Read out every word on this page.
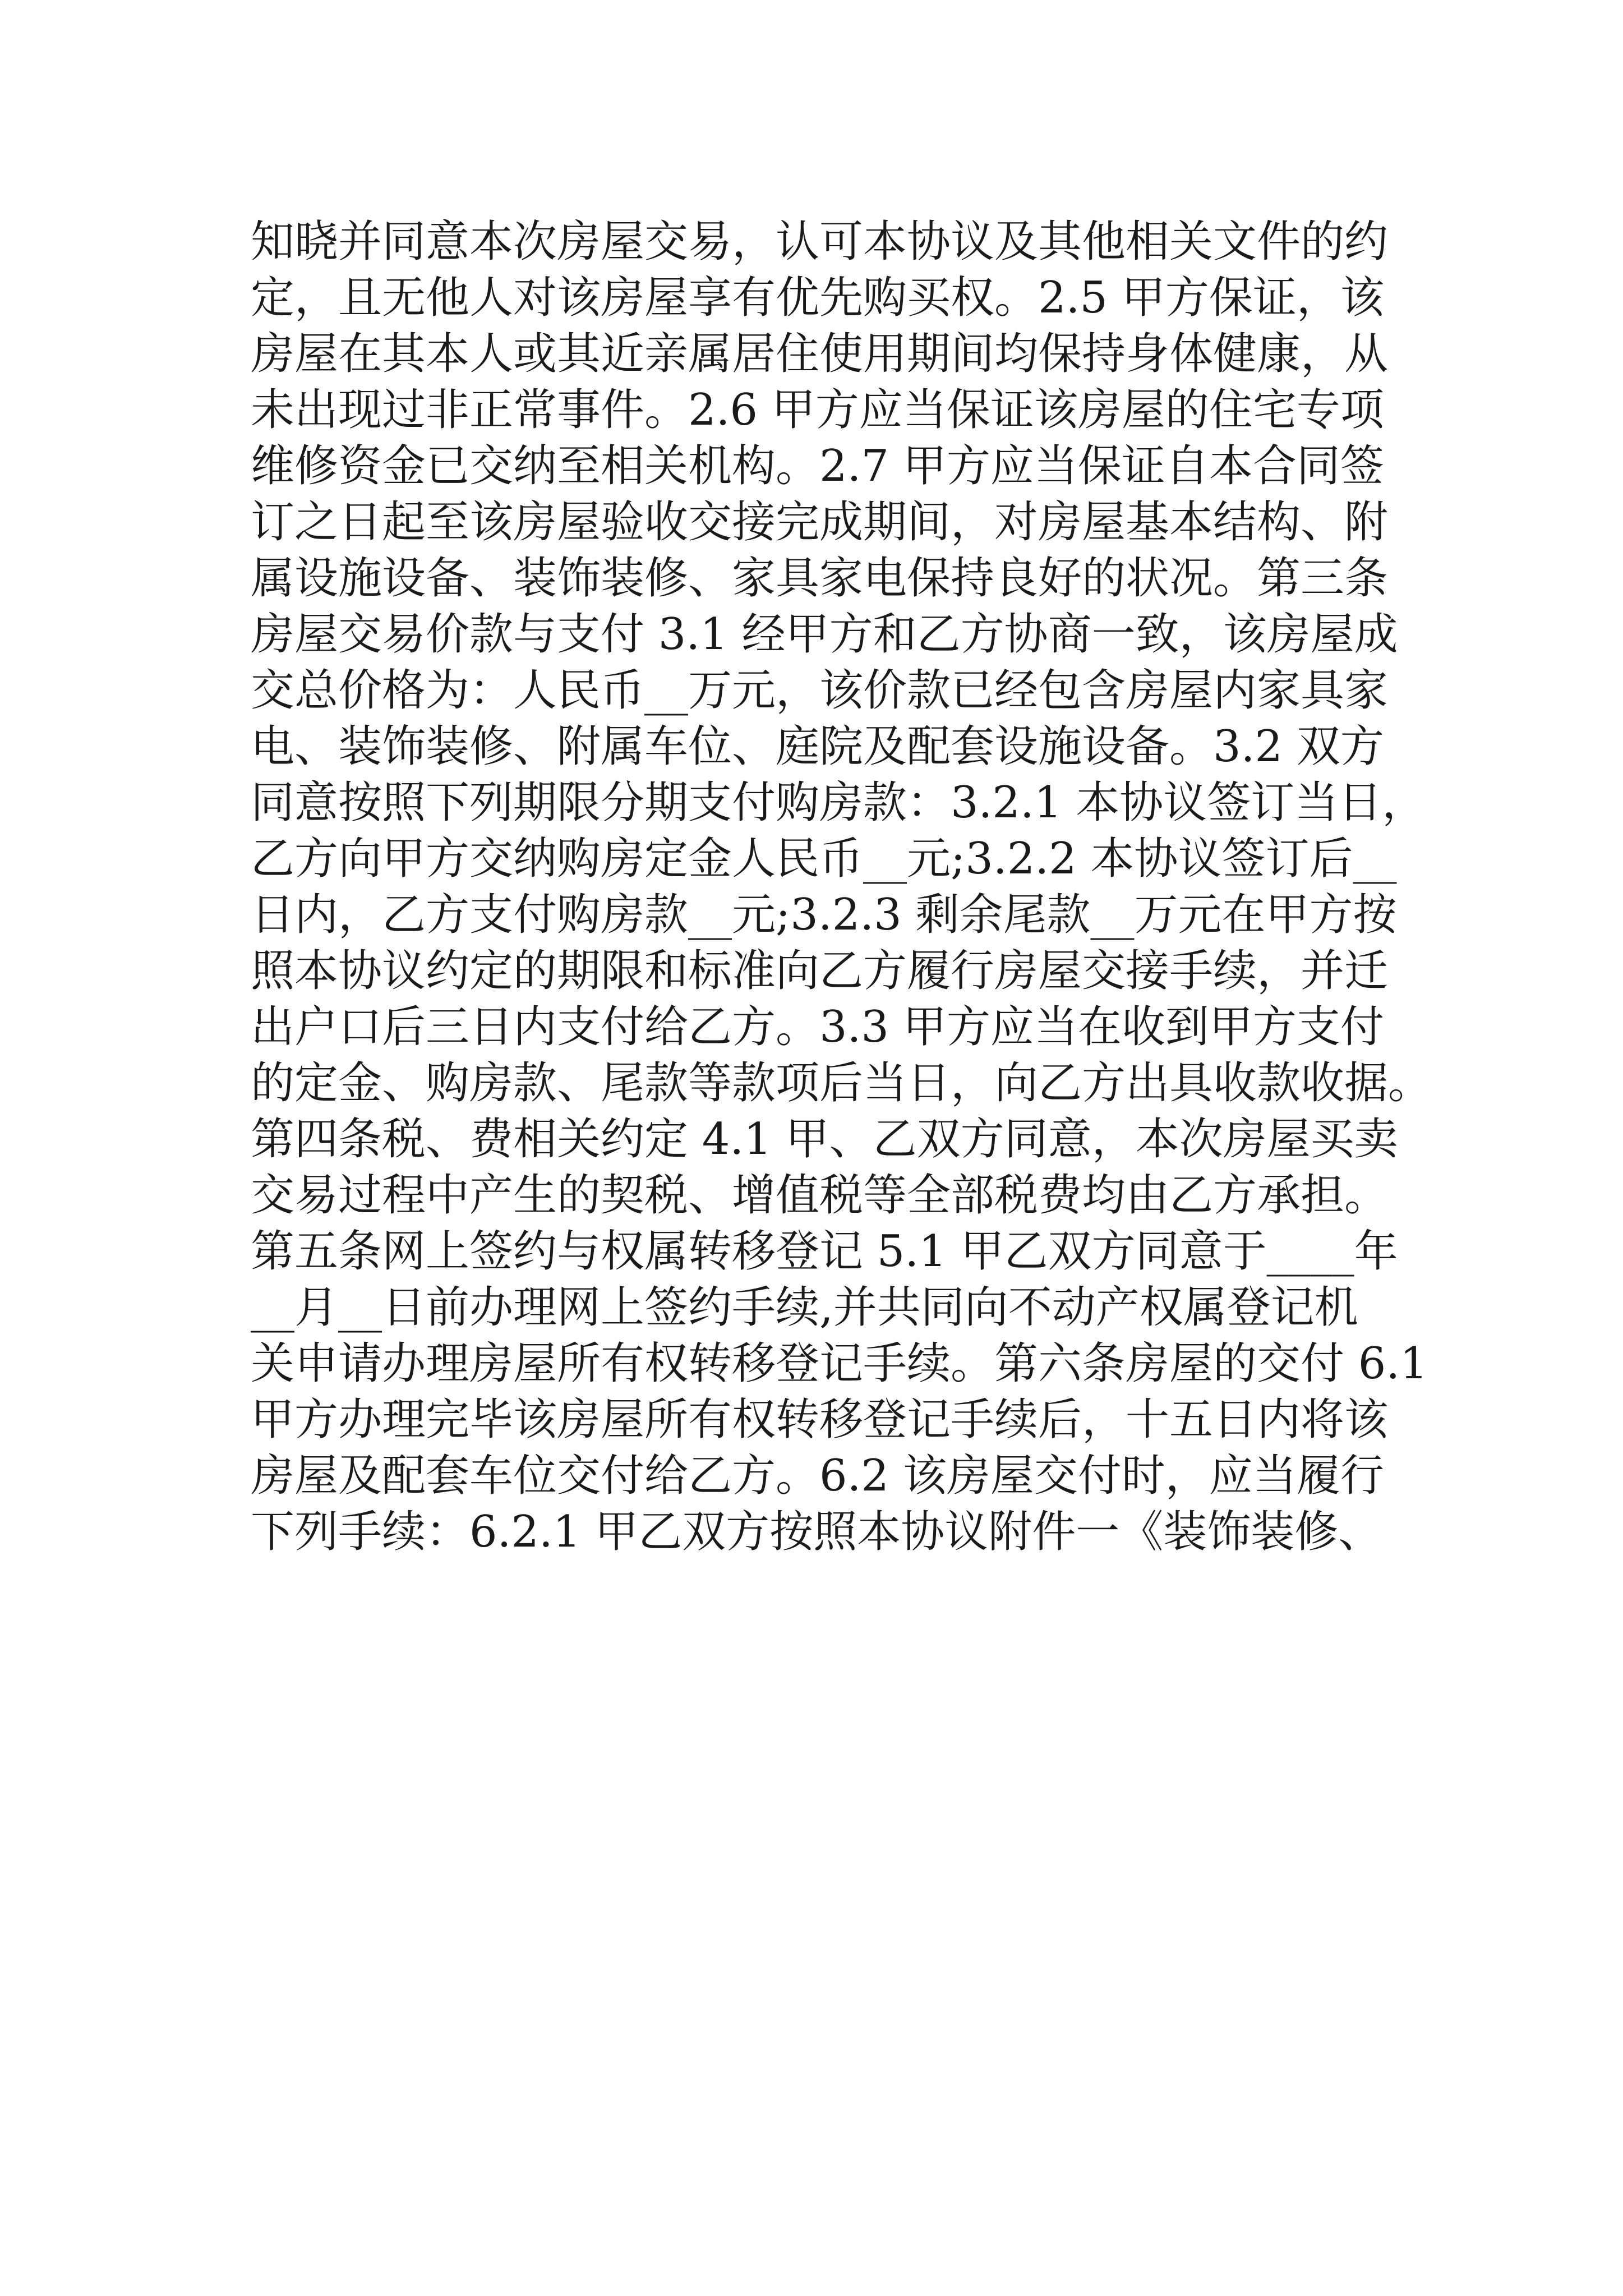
知晓并同意本次房屋交易，认可本协议及其他相关文件的约
定，且无他人对该房屋享有优先购买权。2.5 甲方保证，该
房屋在其本人或其近亲属居住使用期间均保持身体健康，从
未出现过非正常事件。2.6 甲方应当保证该房屋的住宅专项
维修资金已交纳至相关机构。2.7 甲方应当保证自本合同签
订之日起至该房屋验收交接完成期间，对房屋基本结构、附
属设施设备、装饰装修、家具家电保持良好的状况。第三条
房屋交易价款与支付 3.1 经甲方和乙方协商一致，该房屋成
交总价格为：人民币__万元，该价款已经包含房屋内家具家
电、装饰装修、附属车位、庭院及配套设施设备。3.2 双方
同意按照下列期限分期支付购房款：3.2.1 本协议签订当日，
乙方向甲方交纳购房定金人民币__元;3.2.2 本协议签订后__
日内，乙方支付购房款__元;3.2.3 剩余尾款__万元在甲方按
照本协议约定的期限和标准向乙方履行房屋交接手续，并迁
出户口后三日内支付给乙方。3.3 甲方应当在收到甲方支付
的定金、购房款、尾款等款项后当日，向乙方出具收款收据。
第四条税、费相关约定 4.1 甲、乙双方同意，本次房屋买卖
交易过程中产生的契税、增值税等全部税费均由乙方承担。
第五条网上签约与权属转移登记 5.1 甲乙双方同意于____年
__月__日前办理网上签约手续,并共同向不动产权属登记机
关申请办理房屋所有权转移登记手续。第六条房屋的交付 6.1
甲方办理完毕该房屋所有权转移登记手续后，十五日内将该
房屋及配套车位交付给乙方。6.2 该房屋交付时，应当履行
下列手续：6.2.1 甲乙双方按照本协议附件一《装饰装修、
